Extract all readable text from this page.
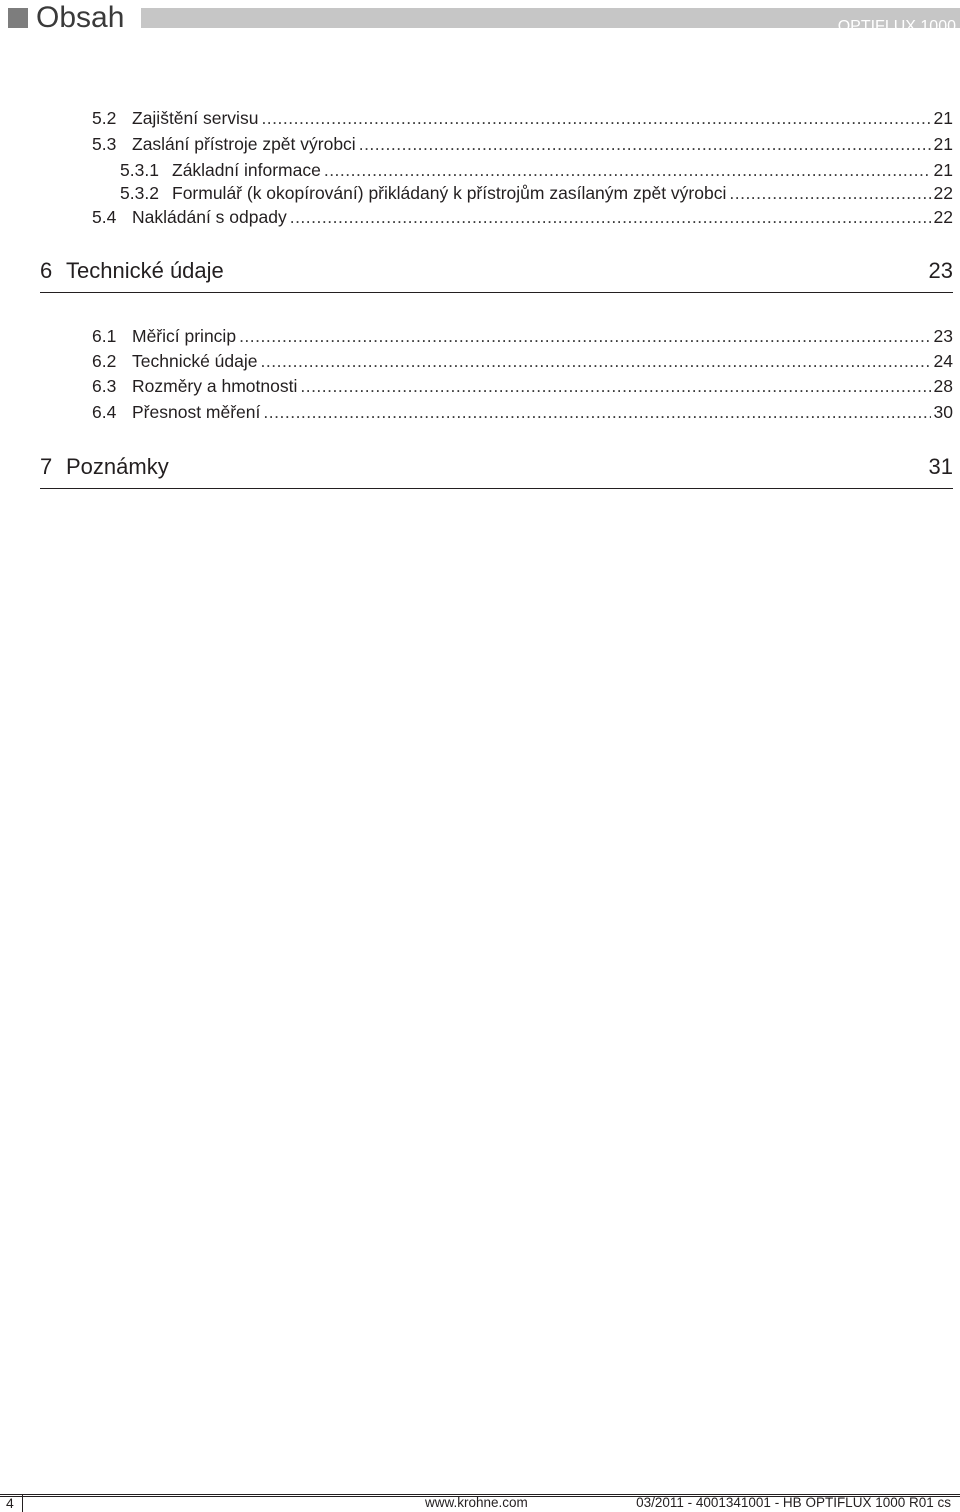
Obsah	OPTIFLUX 1000
5.2 Zajištění servisu .....	21
5.3 Zaslání přístroje zpět výrobci .....	21
5.3.1 Základní informace .....	21
5.3.2 Formulář (k okopírování) přikládaný k přístrojům zasílaným zpět výrobci .....	22
5.4 Nakládání s odpady .....	22
6 Technické údaje	23
6.1 Měřicí princip .....	23
6.2 Technické údaje .....	24
6.3 Rozměry a hmotnosti .....	28
6.4 Přesnost měření .....	30
7 Poznámky	31
4	www.krohne.com	03/2011 - 4001341001 - HB OPTIFLUX 1000 R01 cs
